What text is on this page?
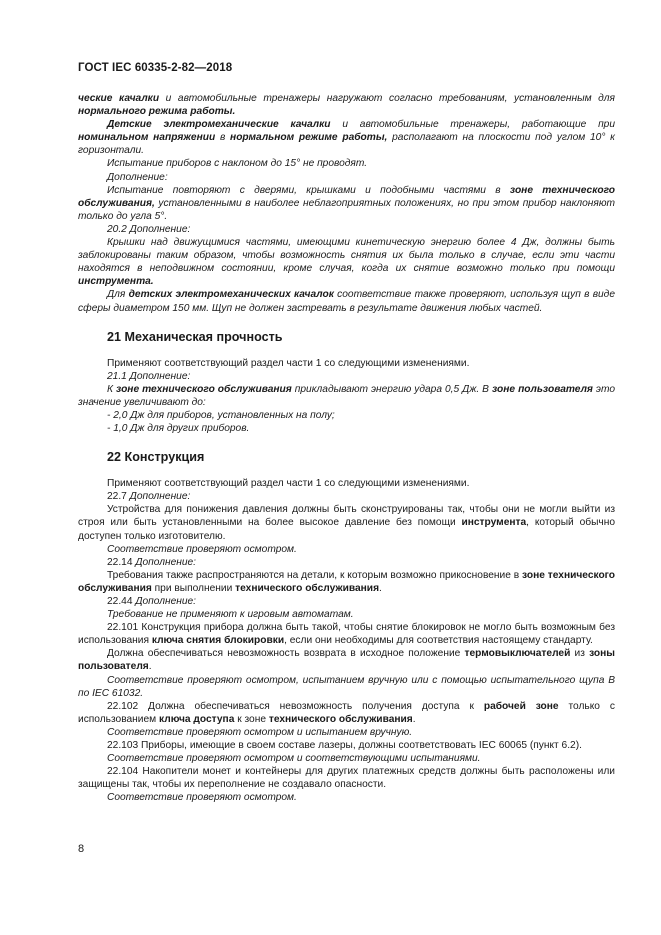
ГОСТ IEC 60335-2-82—2018

ческие качалки и автомобильные тренажеры нагружают согласно требованиям, установленным для нормального режима работы.

Детские электромеханические качалки и автомобильные тренажеры, работающие при номинальном напряжении в нормальном режиме работы, располагают на плоскости под углом 10° к горизонтали.

Испытание приборов с наклоном до 15° не проводят.

Дополнение:

Испытание повторяют с дверями, крышками и подобными частями в зоне технического обслуживания, установленными в наиболее неблагоприятных положениях, но при этом прибор наклоняют только до угла 5°.

20.2 Дополнение:

Крышки над движущимися частями, имеющими кинетическую энергию более 4 Дж, должны быть заблокированы таким образом, чтобы возможность снятия их была только в случае, если эти части находятся в неподвижном состоянии, кроме случая, когда их снятие возможно только при помощи инструмента.

Для детских электромеханических качалок соответствие также проверяют, используя щуп в виде сферы диаметром 150 мм. Щуп не должен застревать в результате движения любых частей.

21 Механическая прочность

Применяют соответствующий раздел части 1 со следующими изменениями.

21.1 Дополнение:

К зоне технического обслуживания прикладывают энергию удара 0,5 Дж. В зоне пользователя это значение увеличивают до:

- 2,0 Дж для приборов, установленных на полу;

- 1,0 Дж для других приборов.

22 Конструкция

Применяют соответствующий раздел части 1 со следующими изменениями.

22.7 Дополнение:

Устройства для понижения давления должны быть сконструированы так, чтобы они не могли выйти из строя или быть установленными на более высокое давление без помощи инструмента, который обычно доступен только изготовителю.

Соответствие проверяют осмотром.

22.14 Дополнение:

Требования также распространяются на детали, к которым возможно прикосновение в зоне технического обслуживания при выполнении технического обслуживания.

22.44 Дополнение:

Требование не применяют к игровым автоматам.

22.101 Конструкция прибора должна быть такой, чтобы снятие блокировок не могло быть возможным без использования ключа снятия блокировки, если они необходимы для соответствия настоящему стандарту.

Должна обеспечиваться невозможность возврата в исходное положение термовыключателей из зоны пользователя.

Соответствие проверяют осмотром, испытанием вручную или с помощью испытательного щупа B по IEC 61032.

22.102 Должна обеспечиваться невозможность получения доступа к рабочей зоне только с использованием ключа доступа к зоне технического обслуживания.

Соответствие проверяют осмотром и испытанием вручную.

22.103 Приборы, имеющие в своем составе лазеры, должны соответствовать IEC 60065 (пункт 6.2).

Соответствие проверяют осмотром и соответствующими испытаниями.

22.104 Накопители монет и контейнеры для других платежных средств должны быть расположены или защищены так, чтобы их переполнение не создавало опасности.

Соответствие проверяют осмотром.

8
